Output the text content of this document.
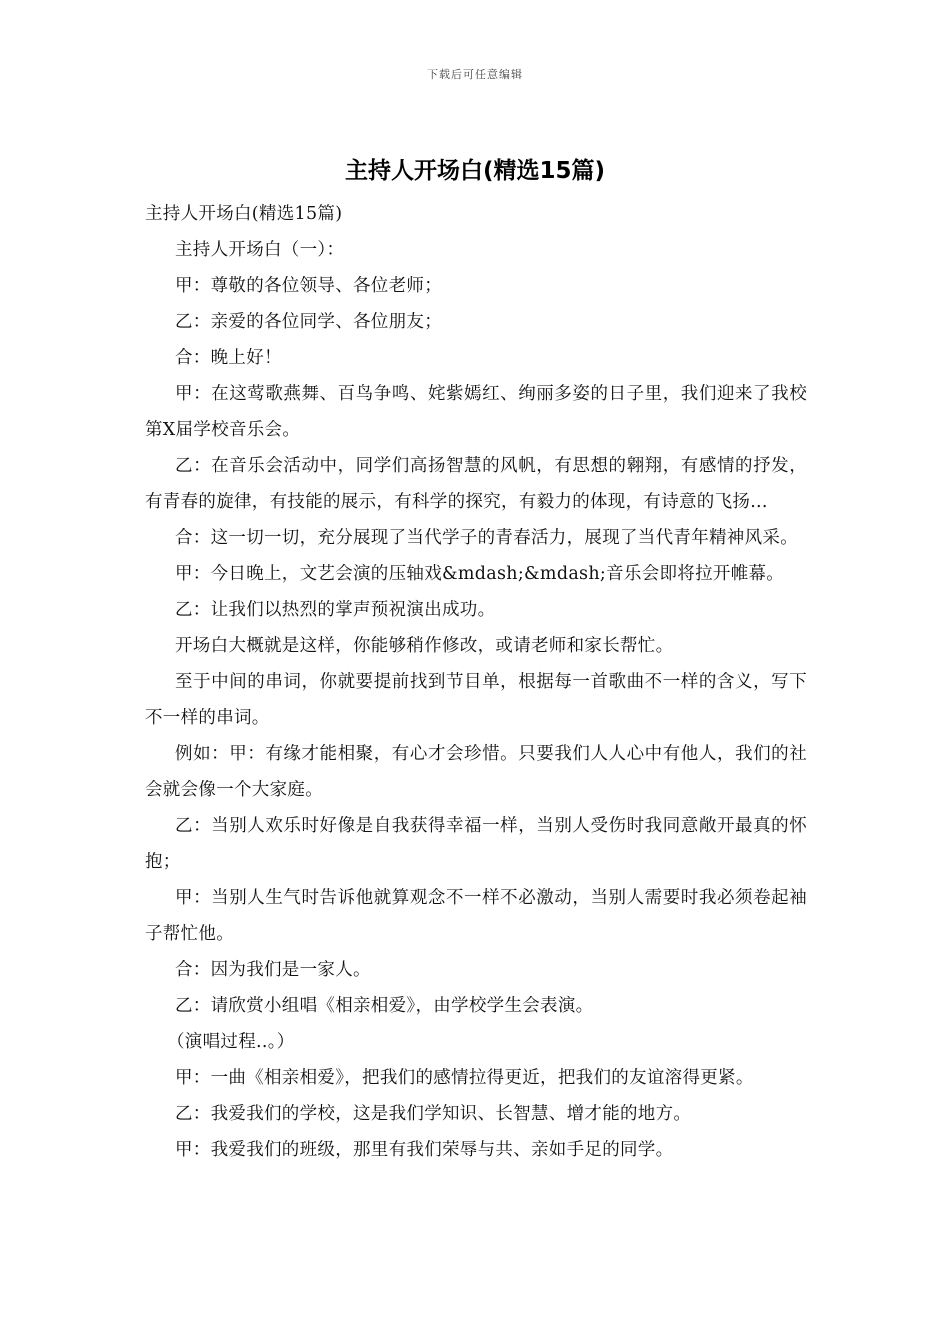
下载后可任意编辑
主持人开场白(精选15篇)

主持人开场白(精选15篇)

主持人开场白（一）：

甲：尊敬的各位领导、各位老师；

乙：亲爱的各位同学、各位朋友；

合：晚上好！

甲：在这莺歌燕舞、百鸟争鸣、姹紫嫣红、绚丽多姿的日子里，我们迎来了我校第X届学校音乐会。

乙：在音乐会活动中，同学们高扬智慧的风帆，有思想的翱翔，有感情的抒发，有青春的旋律，有技能的展示，有科学的探究，有毅力的体现，有诗意的飞扬...

合：这一切一切，充分展现了当代学子的青春活力，展现了当代青年精神风采。

甲：今日晚上，文艺会演的压轴戏&mdash;&mdash;音乐会即将拉开帷幕。

乙：让我们以热烈的掌声预祝演出成功。

开场白大概就是这样，你能够稍作修改，或请老师和家长帮忙。

至于中间的串词，你就要提前找到节目单，根据每一首歌曲不一样的含义，写下不一样的串词。

例如：甲：有缘才能相聚，有心才会珍惜。只要我们人人心中有他人，我们的社会就会像一个大家庭。

乙：当别人欢乐时好像是自我获得幸福一样，当别人受伤时我同意敞开最真的怀抱；

甲：当别人生气时告诉他就算观念不一样不必激动，当别人需要时我必须卷起袖子帮忙他。

合：因为我们是一家人。

乙：请欣赏小组唱《相亲相爱》，由学校学生会表演。

（演唱过程..。）

甲：一曲《相亲相爱》，把我们的感情拉得更近，把我们的友谊溶得更紧。

乙：我爱我们的学校，这是我们学知识、长智慧、增才能的地方。

甲：我爱我们的班级，那里有我们荣辱与共、亲如手足的同学。
